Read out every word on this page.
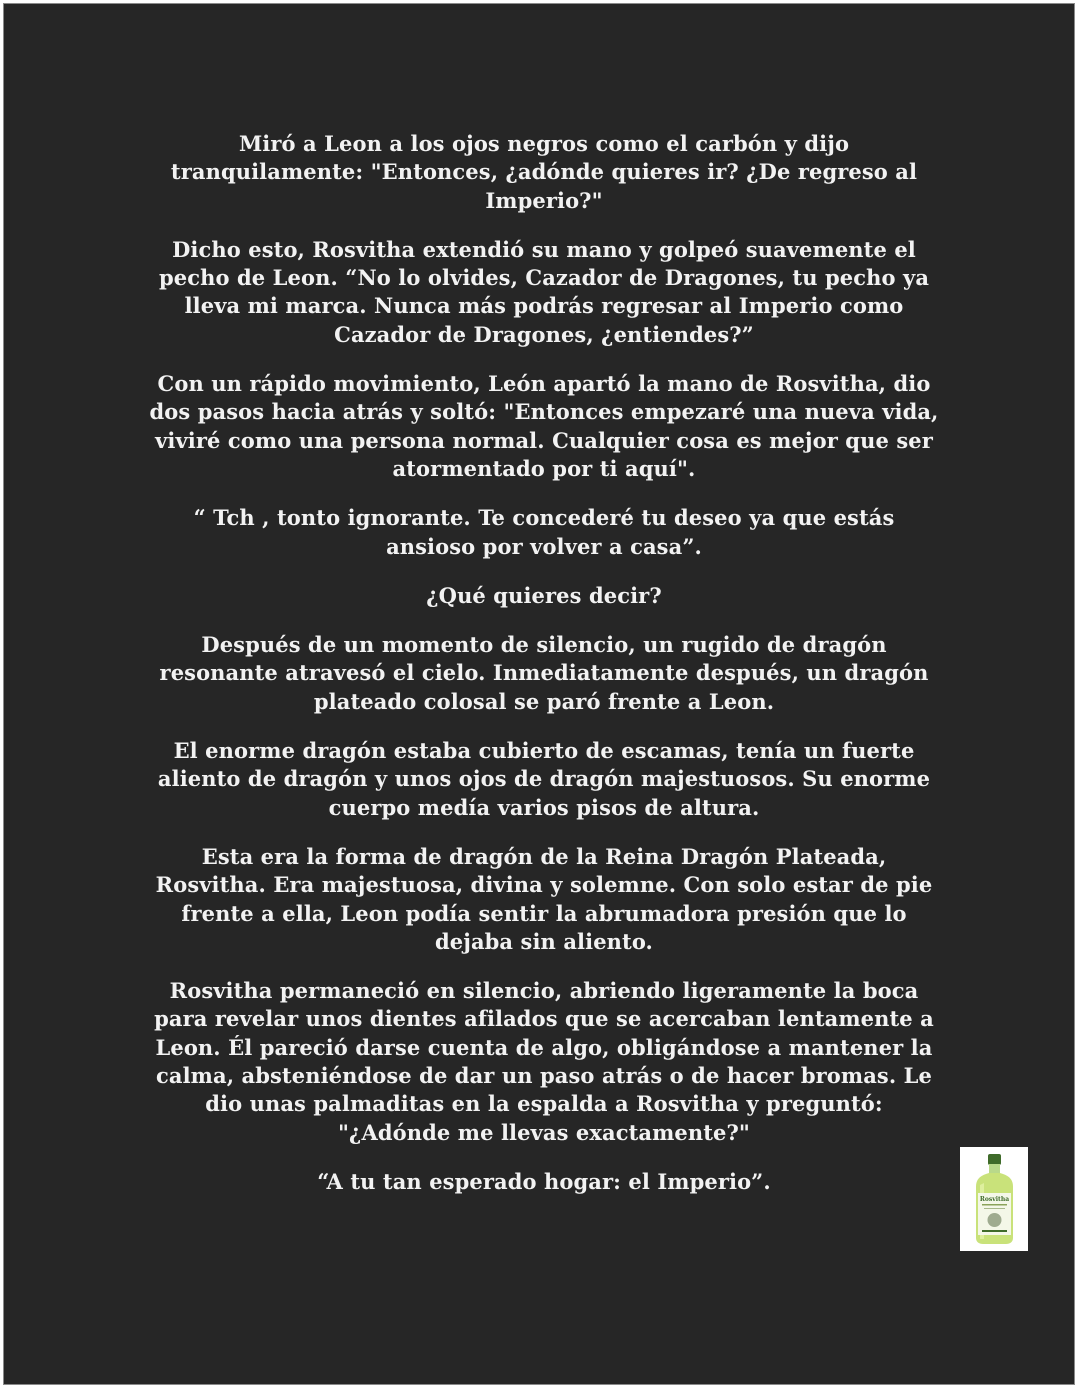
Miró a Leon a los ojos negros como el carbón y dijo tranquilamente: "Entonces, ¿adónde quieres ir? ¿De regreso al Imperio?"

Dicho esto, Rosvitha extendió su mano y golpeó suavemente el pecho de Leon. “No lo olvides, Cazador de Dragones, tu pecho ya lleva mi marca. Nunca más podrás regresar al Imperio como Cazador de Dragones, ¿entiendes?”

Con un rápido movimiento, León apartó la mano de Rosvitha, dio dos pasos hacia atrás y soltó: "Entonces empezaré una nueva vida, viviré como una persona normal. Cualquier cosa es mejor que ser atormentado por ti aquí".

“ Tch , tonto ignorante. Te concederé tu deseo ya que estás ansioso por volver a casa”.

¿Qué quieres decir?

Después de un momento de silencio, un rugido de dragón resonante atravesó el cielo. Inmediatamente después, un dragón plateado colosal se paró frente a Leon.

El enorme dragón estaba cubierto de escamas, tenía un fuerte aliento de dragón y unos ojos de dragón majestuosos. Su enorme cuerpo medía varios pisos de altura.

Esta era la forma de dragón de la Reina Dragón Plateada, Rosvitha. Era majestuosa, divina y solemne. Con solo estar de pie frente a ella, Leon podía sentir la abrumadora presión que lo dejaba sin aliento.

Rosvitha permaneció en silencio, abriendo ligeramente la boca para revelar unos dientes afilados que se acercaban lentamente a Leon. Él pareció darse cuenta de algo, obligándose a mantener la calma, absteniéndose de dar un paso atrás o de hacer bromas. Le dio unas palmaditas en la espalda a Rosvitha y preguntó: "¿Adónde me llevas exactamente?"

“A tu tan esperado hogar: el Imperio”.

Rosvitha
